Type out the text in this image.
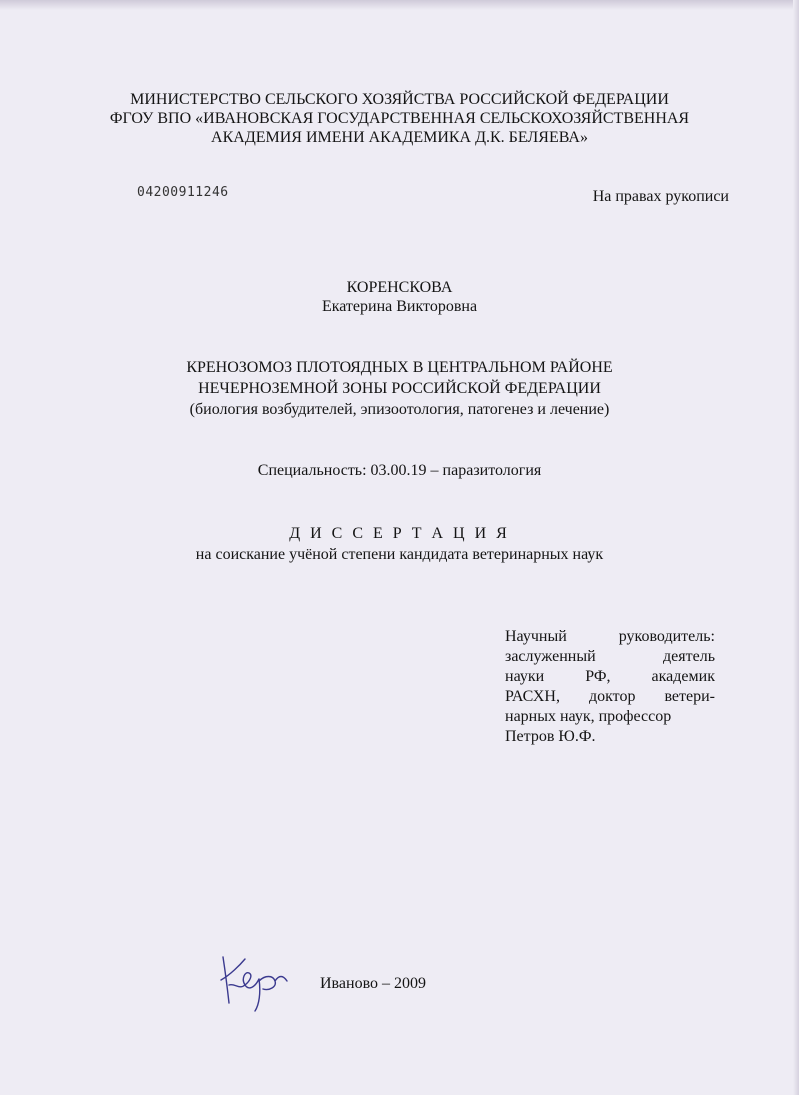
МИНИСТЕРСТВО СЕЛЬСКОГО ХОЗЯЙСТВА РОССИЙСКОЙ ФЕДЕРАЦИИ
ФГОУ ВПО «ИВАНОВСКАЯ ГОСУДАРСТВЕННАЯ СЕЛЬСКОХОЗЯЙСТВЕННАЯ
АКАДЕМИЯ ИМЕНИ АКАДЕМИКА Д.К. БЕЛЯЕВА»
04200911246	На правах рукописи
КОРЕНСКОВА
Екатерина Викторовна
КРЕНОЗОМОЗ ПЛОТОЯДНЫХ В ЦЕНТРАЛЬНОМ РАЙОНЕ
НЕЧЕРНОЗЕМНОЙ ЗОНЫ РОССИЙСКОЙ ФЕДЕРАЦИИ
(биология возбудителей, эпизоотология, патогенез и лечение)
Специальность: 03.00.19 – паразитология
Д И С С Е Р Т А Ц И Я
на соискание учёной степени кандидата ветеринарных наук
Научный	руководитель:
заслуженный	деятель
науки	РФ,	академик
РАСХН, доктор ветери-
нарных наук, профессор
Петров Ю.Ф.
Иваново – 2009
